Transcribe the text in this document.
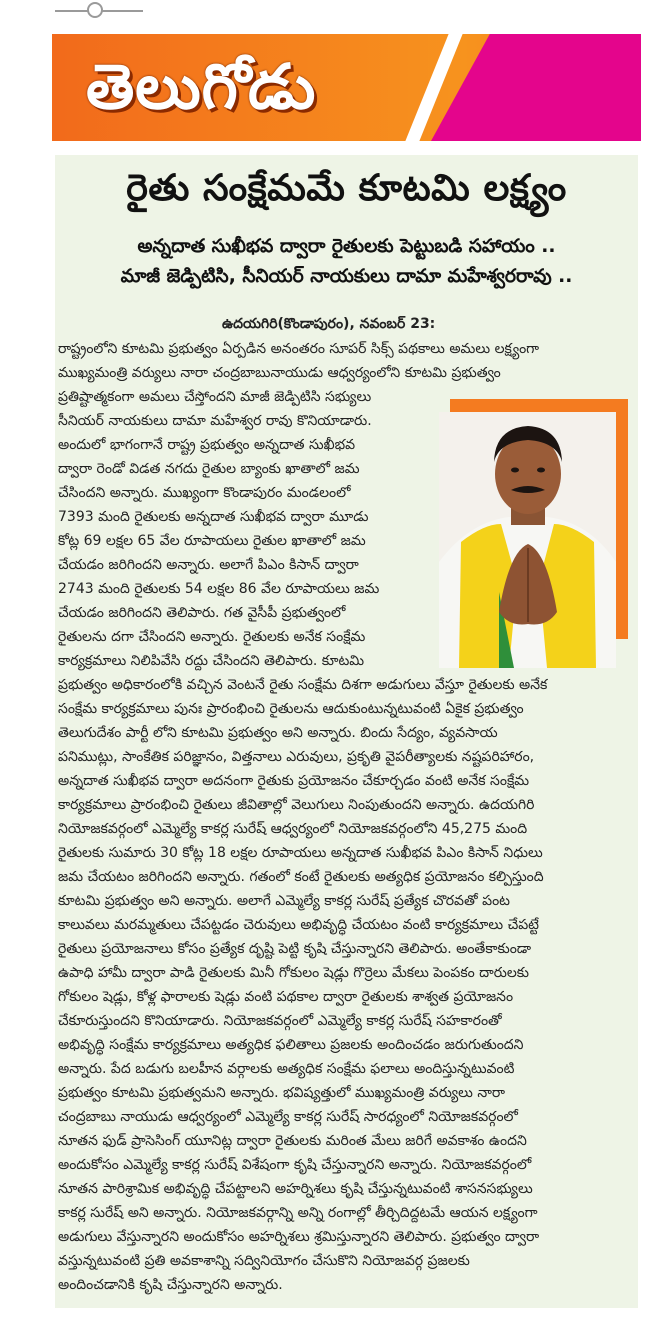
తెలుగోడు
రైతు సంక్షేమమే కూటమి లక్ష్యం
అన్నదాత సుఖీభవ ద్వారా రైతులకు పెట్టుబడి సహాయం ..
మాజీ జెడ్పిటిసి, సీనియర్ నాయకులు దామా మహేశ్వరరావు ..
ఉదయగిరి(కొండాపురం), నవంబర్ 23:
రాష్ట్రంలోని కూటమి ప్రభుత్వం ఏర్పడిన అనంతరం సూపర్ సిక్స్ పథకాలు అమలు లక్ష్యంగా
ముఖ్యమంత్రి వర్యులు నారా చంద్రబాబునాయుడు ఆధ్వర్యంలోని కూటమి ప్రభుత్వం
ప్రతిష్టాత్మకంగా అమలు చేస్తోందని మాజీ జెడ్పిటిసి సభ్యులు
సీనియర్ నాయకులు దామా మహేశ్వర రావు కొనియాడారు.
అందులో భాగంగానే రాష్ట్ర ప్రభుత్వం అన్నదాత సుఖీభవ
ద్వారా రెండో విడత నగదు రైతుల బ్యాంకు ఖాతాలో జమ
చేసిందని అన్నారు. ముఖ్యంగా కొండాపురం మండలంలో
7393 మంది రైతులకు అన్నదాత సుఖీభవ ద్వారా మూడు
కోట్ల 69 లక్షల 65 వేల రూపాయలు రైతుల ఖాతాలో జమ
చేయడం జరిగిందని అన్నారు. అలాగే పిఎం కిసాన్ ద్వారా
2743 మంది రైతులకు 54 లక్షల 86 వేల రూపాయలు జమ
చేయడం జరిగిందని తెలిపారు. గత వైసీపీ ప్రభుత్వంలో
రైతులను దగా చేసిందని అన్నారు. రైతులకు అనేక సంక్షేమ
కార్యక్రమాలు నిలిపివేసి రద్దు చేసిందని తెలిపారు. కూటమి
ప్రభుత్వం అధికారంలోకి వచ్చిన వెంటనే రైతు సంక్షేమ దిశగా అడుగులు వేస్తూ రైతులకు అనేక
సంక్షేమ కార్యక్రమాలు పునః ప్రారంభించి రైతులను ఆదుకుంటున్నటువంటి ఏకైక ప్రభుత్వం
తెలుగుదేశం పార్టీ లోని కూటమి ప్రభుత్వం అని అన్నారు. బిందు సేద్యం, వ్యవసాయ
పనిముట్లు, సాంకేతిక పరిజ్ఞానం, విత్తనాలు ఎరువులు, ప్రకృతి వైపరీత్యాలకు నష్టపరిహారం,
అన్నదాత సుఖీభవ ద్వారా అదనంగా రైతుకు ప్రయోజనం చేకూర్చడం వంటి అనేక సంక్షేమ
కార్యక్రమాలు ప్రారంభించి రైతులు జీవితాల్లో వెలుగులు నింపుతుందని అన్నారు. ఉదయగిరి
నియోజకవర్గంలో ఎమ్మెల్యే కాకర్ల సురేష్ ఆధ్వర్యంలో నియోజకవర్గంలోని 45,275 మంది
రైతులకు సుమారు 30 కోట్ల 18 లక్షల రూపాయలు అన్నదాత సుఖీభవ పిఎం కిసాన్ నిధులు
జమ చేయటం జరిగిందని అన్నారు. గతంలో కంటే రైతులకు అత్యధిక ప్రయోజనం కల్పిస్తుంది
కూటమి ప్రభుత్వం అని అన్నారు. అలాగే ఎమ్మెల్యే కాకర్ల సురేష్ ప్రత్యేక చొరవతో పంట
కాలువలు మరమ్మతులు చేపట్టడం చెరువులు అభివృద్ధి చేయటం వంటి కార్యక్రమాలు చేపట్టే
రైతులు ప్రయోజనాలు కోసం ప్రత్యేక దృష్టి పెట్టి కృషి చేస్తున్నారని తెలిపారు. అంతేకాకుండా
ఉపాధి హామీ ద్వారా పాడి రైతులకు మినీ గోకులం షెడ్లు గొర్రెలు మేకలు పెంపకం దారులకు
గోకులం షెడ్లు, కోళ్ల ఫారాలకు షెడ్లు వంటి పథకాల ద్వారా రైతులకు శాశ్వత ప్రయోజనం
చేకూరుస్తుందని కొనియాడారు. నియోజకవర్గంలో ఎమ్మెల్యే కాకర్ల సురేష్ సహకారంతో
అభివృద్ధి సంక్షేమ కార్యక్రమాలు అత్యధిక ఫలితాలు ప్రజలకు అందించడం జరుగుతుందని
అన్నారు. పేద బడుగు బలహీన వర్గాలకు అత్యధిక సంక్షేమ ఫలాలు అందిస్తున్నటువంటి
ప్రభుత్వం కూటమి ప్రభుత్వమని అన్నారు. భవిష్యత్తులో ముఖ్యమంత్రి వర్యులు నారా
చంద్రబాబు నాయుడు ఆధ్వర్యంలో ఎమ్మెల్యే కాకర్ల సురేష్ సారధ్యంలో నియోజకవర్గంలో
నూతన ఫుడ్ ప్రాసెసింగ్ యూనిట్ల ద్వారా రైతులకు మరింత మేలు జరిగే అవకాశం ఉందని
అందుకోసం ఎమ్మెల్యే కాకర్ల సురేష్ విశేషంగా కృషి చేస్తున్నారని అన్నారు. నియోజకవర్గంలో
నూతన పారిశ్రామిక అభివృద్ధి చేపట్టాలని అహర్నిశలు కృషి చేస్తున్నటువంటి శాసనసభ్యులు
కాకర్ల సురేష్ అని అన్నారు. నియోజకవర్గాన్ని అన్ని రంగాల్లో తీర్చిదిద్దటమే ఆయన లక్ష్యంగా
అడుగులు వేస్తున్నారని అందుకోసం అహర్నిశలు శ్రమిస్తున్నారని తెలిపారు. ప్రభుత్వం ద్వారా
వస్తున్నటువంటి ప్రతి అవకాశాన్ని సద్వినియోగం చేసుకొని నియోజవర్గ ప్రజలకు
అందించడానికి కృషి చేస్తున్నారని అన్నారు.
